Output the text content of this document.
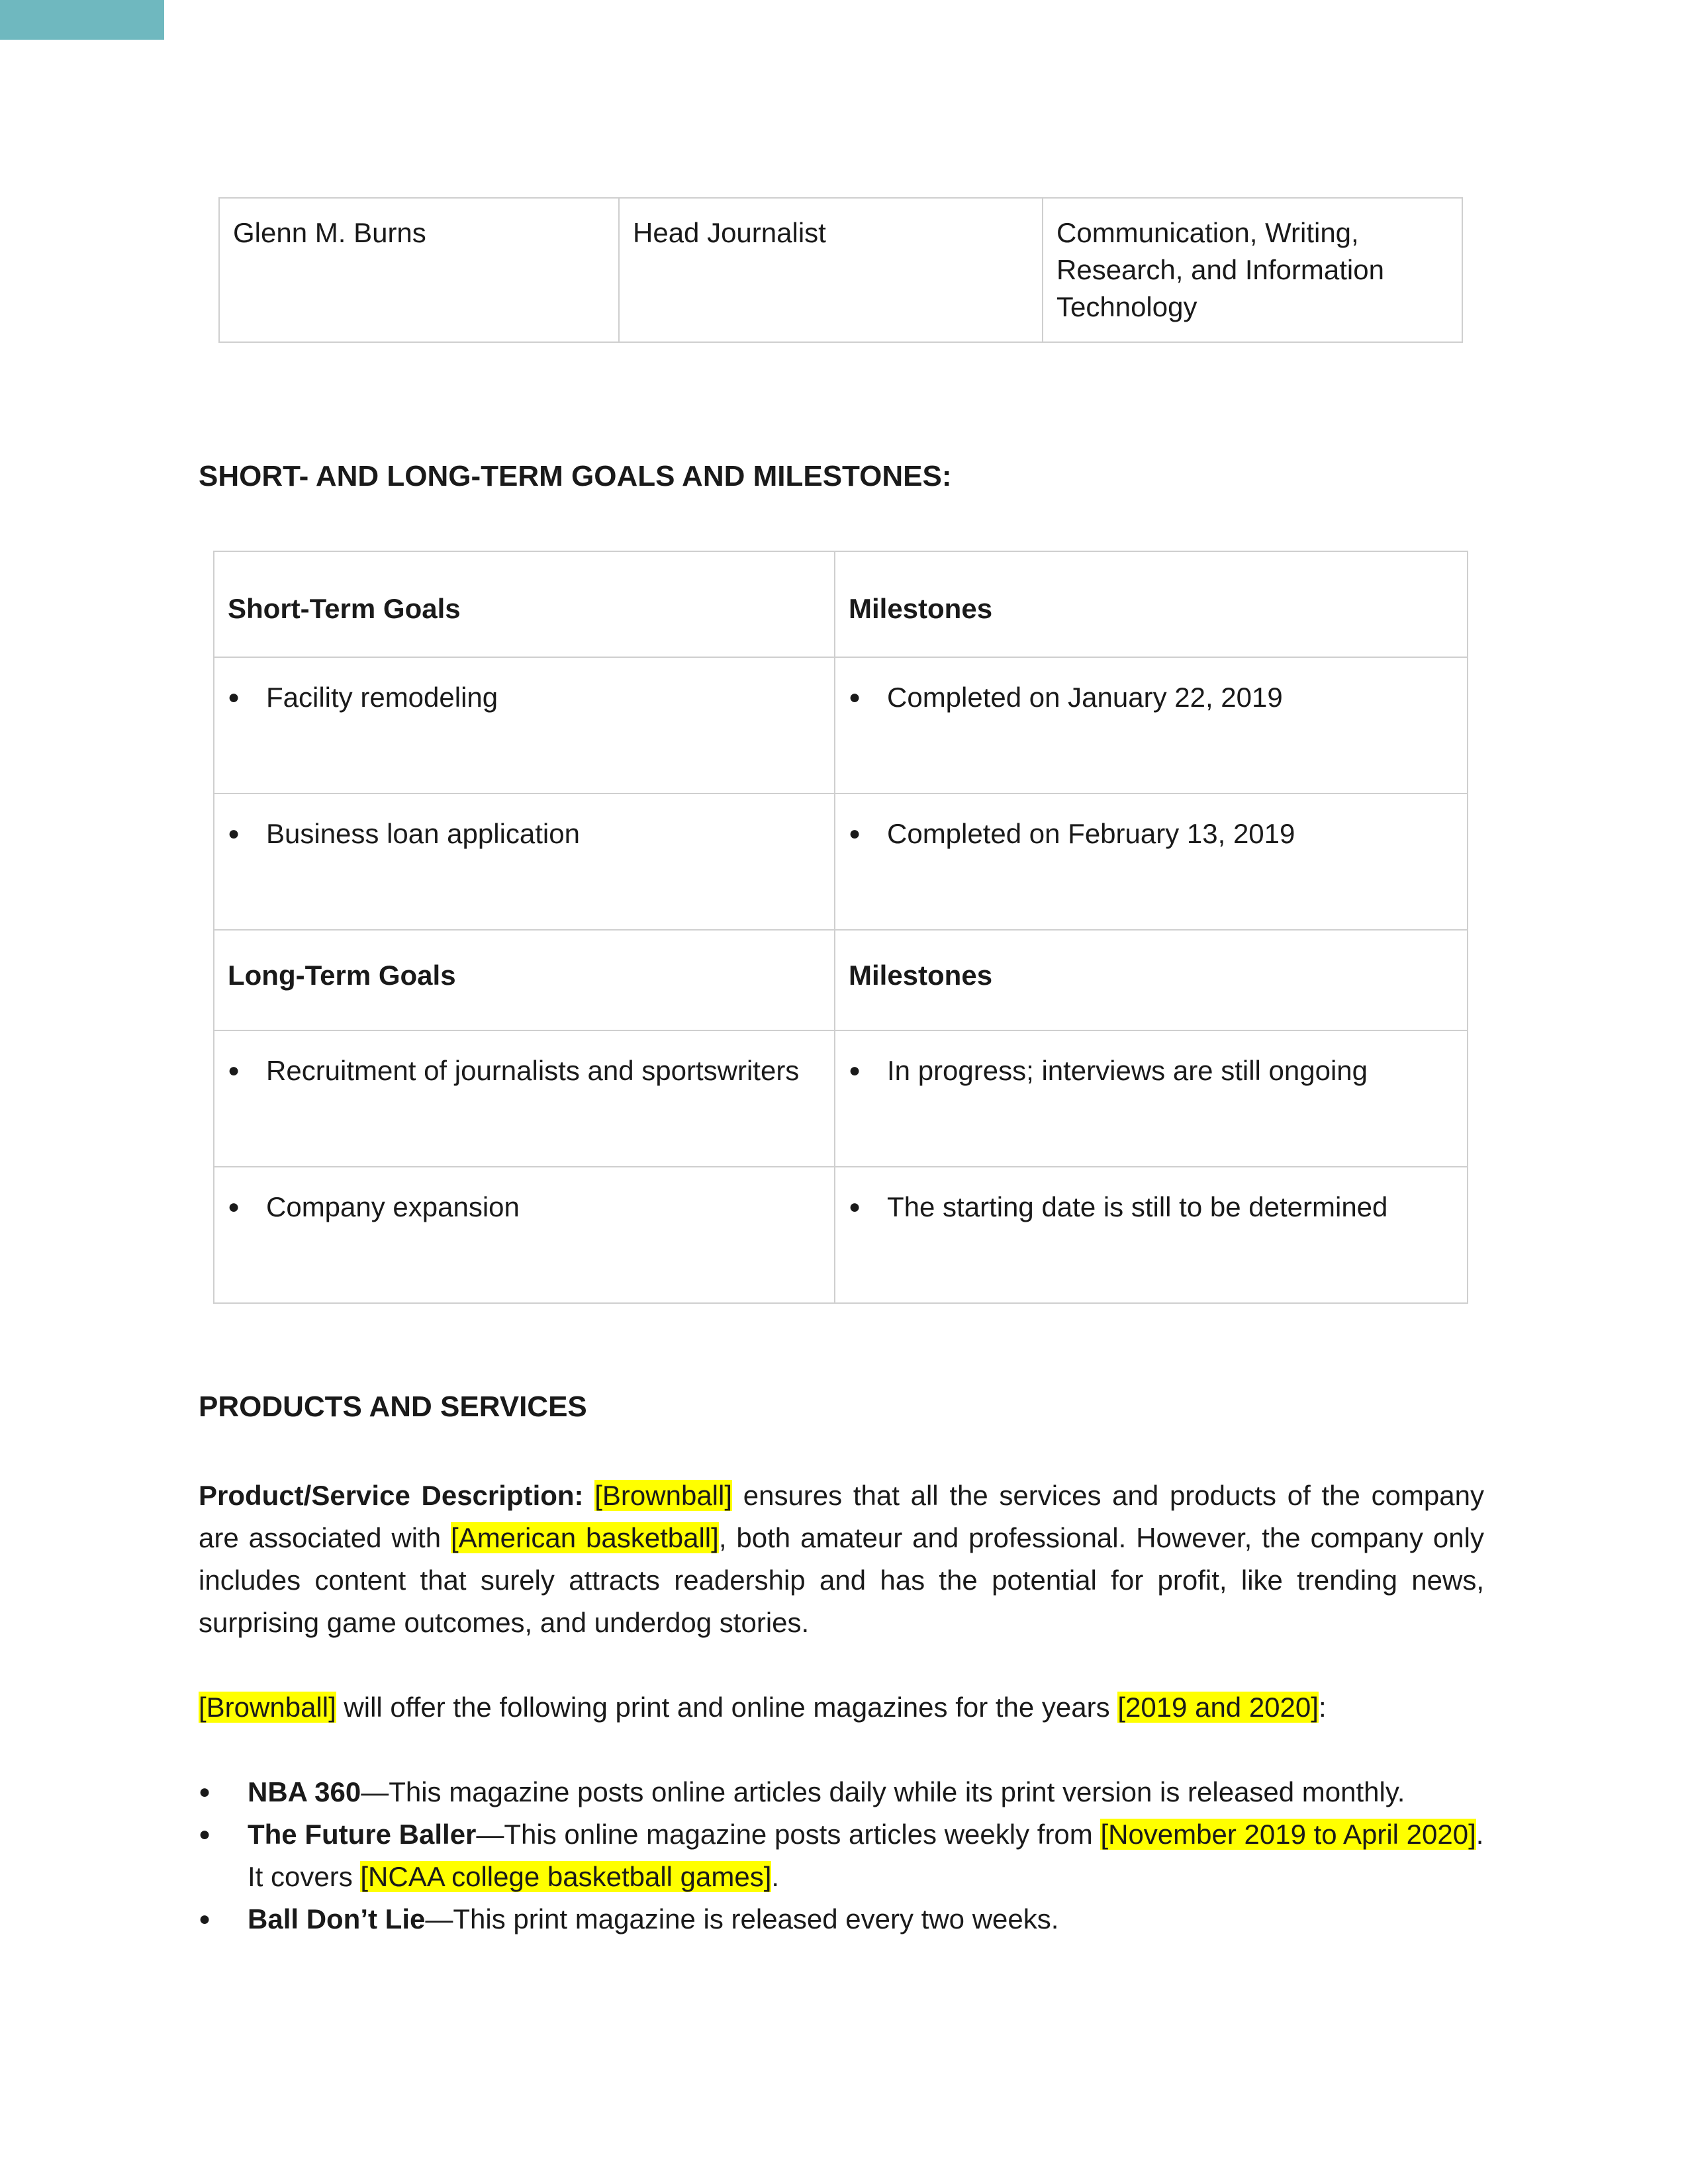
Glenn M. Burns	Head Journalist	Communication, Writing, Research, and Information Technology
SHORT- AND LONG-TERM GOALS AND MILESTONES:
Short-Term Goals	Milestones

● Facility remodeling	● Completed on January 22, 2019

● Business loan application	● Completed on February 13, 2019

Long-Term Goals	Milestones

● Recruitment of journalists and sportswriters	● In progress; interviews are still ongoing

● Company expansion	● The starting date is still to be determined
PRODUCTS AND SERVICES

Product/Service Description: [Brownball] ensures that all the services and products of the company are associated with [American basketball], both amateur and professional. However, the company only includes content that surely attracts readership and has the potential for profit, like trending news, surprising game outcomes, and underdog stories.

[Brownball] will offer the following print and online magazines for the years [2019 and 2020]:

●	NBA 360—This magazine posts online articles daily while its print version is released monthly.
●	The Future Baller—This online magazine posts articles weekly from [November 2019 to April 2020]. It covers [NCAA college basketball games].
●	Ball Don’t Lie—This print magazine is released every two weeks.
